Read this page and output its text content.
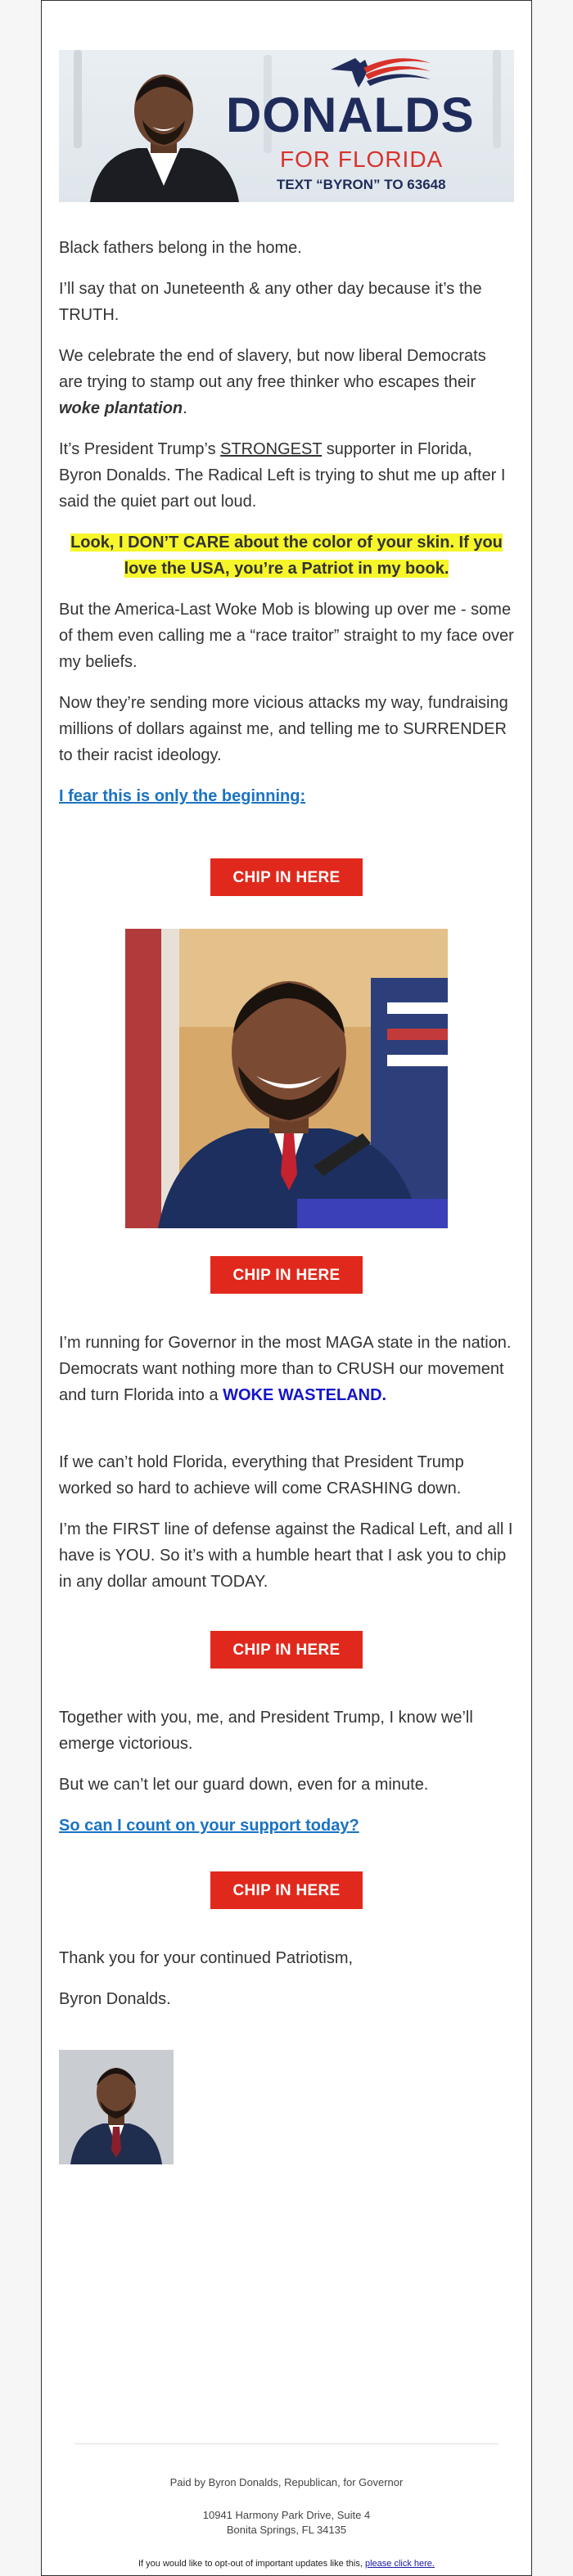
DONALDS
FOR FLORIDA
TEXT “BYRON” TO 63648

Black fathers belong in the home.

I’ll say that on Juneteenth & any other day because it’s the TRUTH.

We celebrate the end of slavery, but now liberal Democrats are trying to stamp out any free thinker who escapes their woke plantation.

It’s President Trump’s STRONGEST supporter in Florida, Byron Donalds. The Radical Left is trying to shut me up after I said the quiet part out loud.

Look, I DON’T CARE about the color of your skin. If you love the USA, you’re a Patriot in my book.

But the America-Last Woke Mob is blowing up over me - some of them even calling me a “race traitor” straight to my face over my beliefs.

Now they’re sending more vicious attacks my way, fundraising millions of dollars against me, and telling me to SURRENDER to their racist ideology.

I fear this is only the beginning:
CHIP IN HERE
CHIP IN HERE

I’m running for Governor in the most MAGA state in the nation. Democrats want nothing more than to CRUSH our movement and turn Florida into a WOKE WASTELAND.

If we can’t hold Florida, everything that President Trump worked so hard to achieve will come CRASHING down.

I’m the FIRST line of defense against the Radical Left, and all I have is YOU. So it’s with a humble heart that I ask you to chip in any dollar amount TODAY.

CHIP IN HERE

Together with you, me, and President Trump, I know we’ll emerge victorious.

But we can’t let our guard down, even for a minute.

So can I count on your support today?
CHIP IN HERE

Thank you for your continued Patriotism,

Byron Donalds.

Paid by Byron Donalds, Republican, for Governor
10941 Harmony Park Drive, Suite 4
Bonita Springs, FL 34135
If you would like to opt-out of important updates like this, please click here.
